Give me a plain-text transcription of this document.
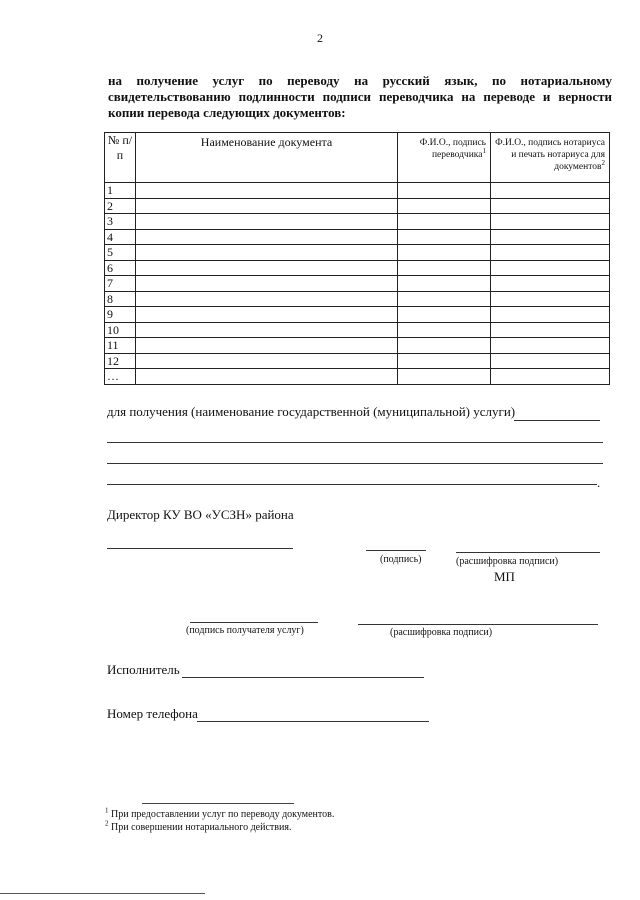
2
на получение услуг по переводу на русский язык, по нотариальному свидетельствованию подлинности подписи переводчика на переводе и верности копии перевода следующих документов:
№ п/п	Наименование документа	Ф.И.О., подпись переводчика$^1$	Ф.И.О., подпись нотариуса и печать нотариуса для документов$^2$
1			
2			
3			
4			
5			
6			
7			
8			
9			
10			
11			
12			
…			
для получения (наименование государственной (муниципальной) услуги)
.
Директор КУ ВО «УСЗН» района
(подпись)	(расшифровка подписи)
МП
(подпись получателя услуг)	(расшифровка подписи)
Исполнитель
Номер телефона
$^1$ При предоставлении услуг по переводу документов.
$^2$ При совершении нотариального действия.
